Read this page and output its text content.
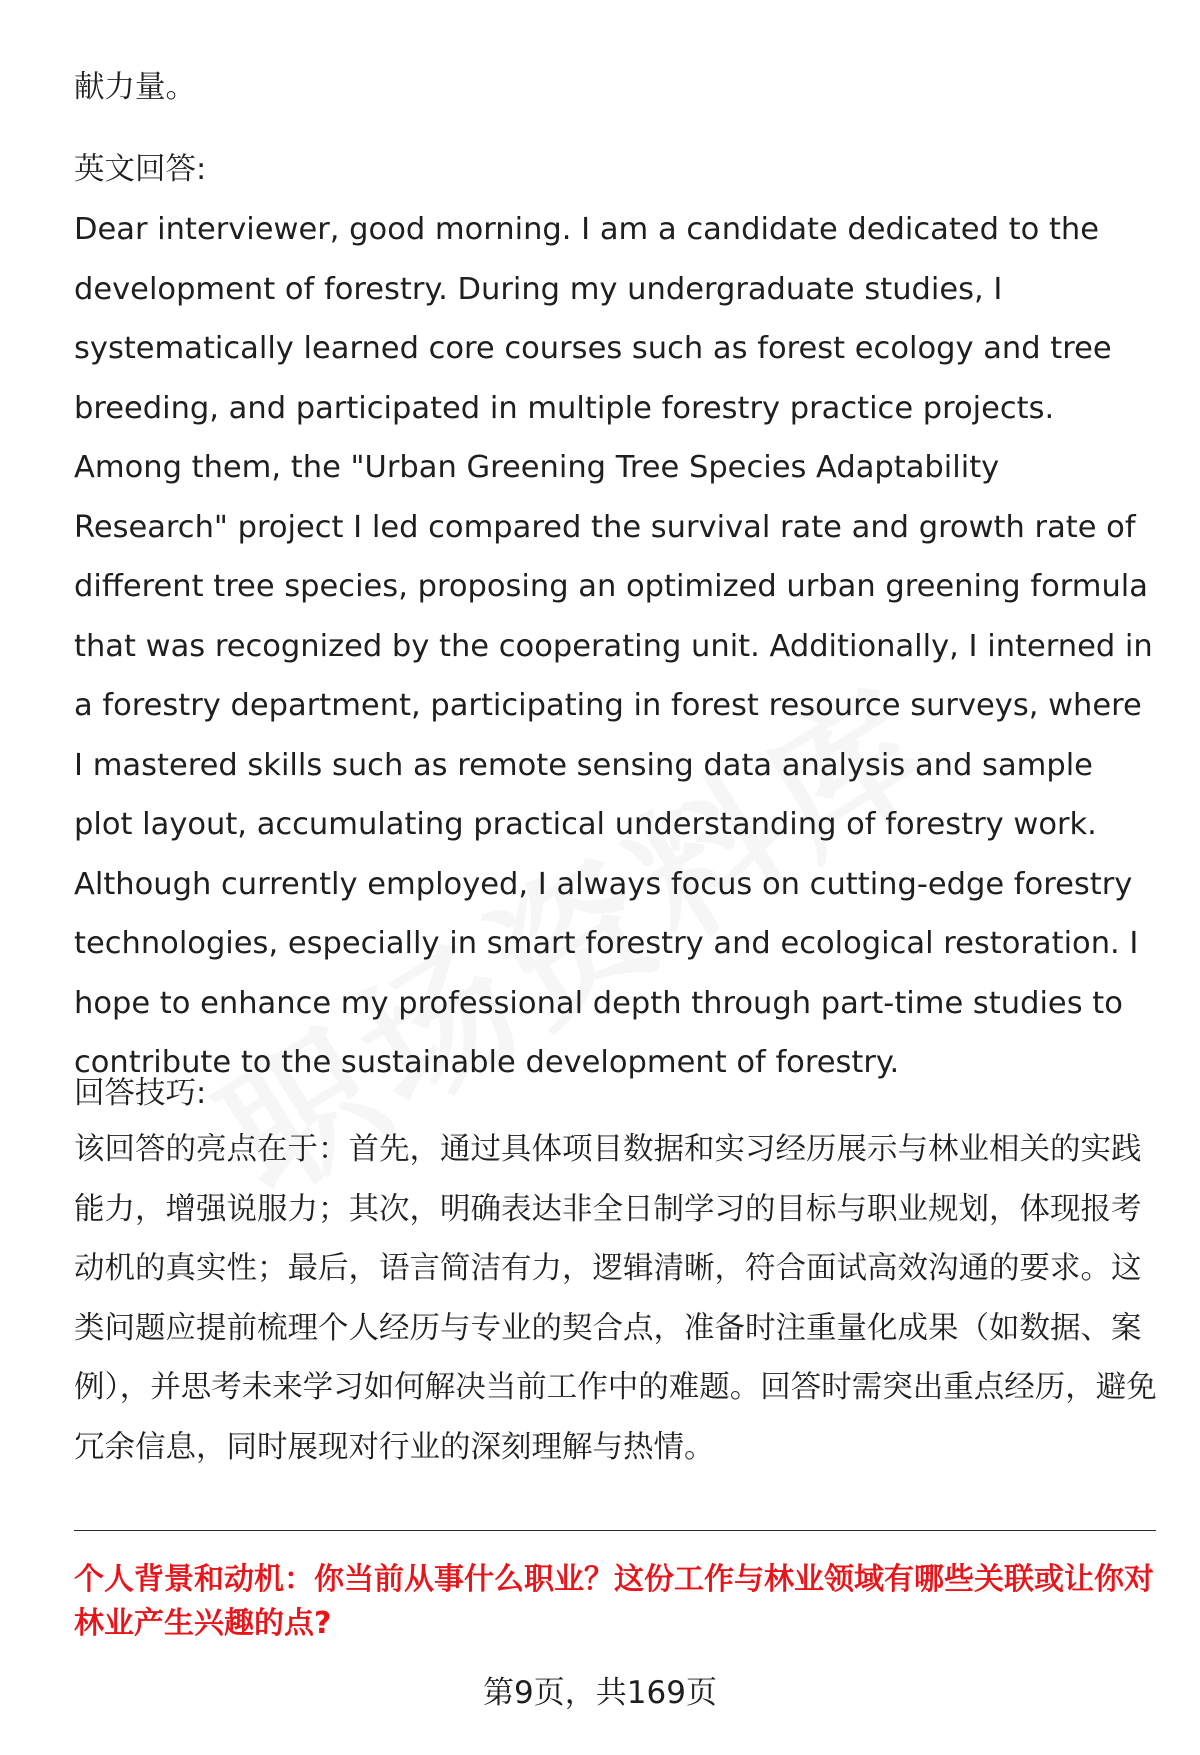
献力量。
英文回答:

Dear interviewer, good morning. I am a candidate dedicated to the development of forestry. During my undergraduate studies, I systematically learned core courses such as forest ecology and tree breeding, and participated in multiple forestry practice projects. Among them, the "Urban Greening Tree Species Adaptability Research" project I led compared the survival rate and growth rate of different tree species, proposing an optimized urban greening formula that was recognized by the cooperating unit. Additionally, I interned in a forestry department, participating in forest resource surveys, where I mastered skills such as remote sensing data analysis and sample plot layout, accumulating practical understanding of forestry work. Although currently employed, I always focus on cutting-edge forestry technologies, especially in smart forestry and ecological restoration. I hope to enhance my professional depth through part-time studies to contribute to the sustainable development of forestry.

回答技巧:

该回答的亮点在于：首先，通过具体项目数据和实习经历展示与林业相关的实践能力，增强说服力；其次，明确表达非全日制学习的目标与职业规划，体现报考动机的真实性；最后，语言简洁有力，逻辑清晰，符合面试高效沟通的要求。这类问题应提前梳理个人经历与专业的契合点，准备时注重量化成果（如数据、案例），并思考未来学习如何解决当前工作中的难题。回答时需突出重点经历，避免冗余信息，同时展现对行业的深刻理解与热情。

个人背景和动机：你当前从事什么职业？这份工作与林业领域有哪些关联或让你对林业产生兴趣的点?
第9页，共169页
